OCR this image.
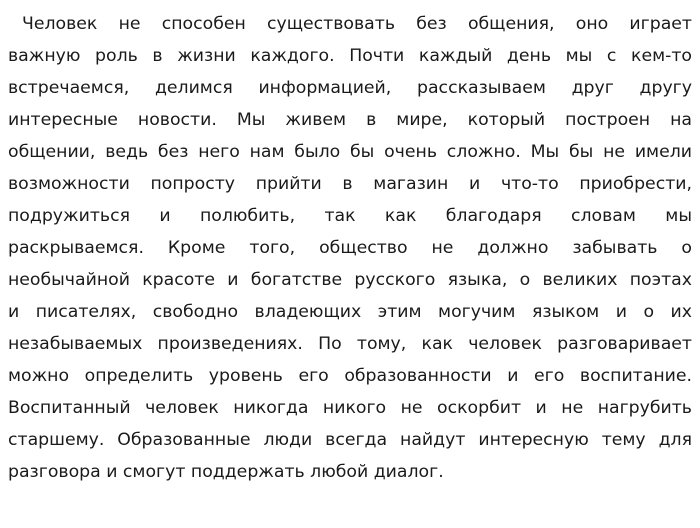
Человек не способен существовать без общения, оно играет
важную роль в жизни каждого. Почти каждый день мы с кем-то
встречаемся, делимся информацией, рассказываем друг другу
интересные новости. Мы живем в мире, который построен на
общении, ведь без него нам было бы очень сложно. Мы бы не имели
возможности попросту прийти в магазин и что-то приобрести,
подружиться и полюбить, так как благодаря словам мы
раскрываемся. Кроме того, общество не должно забывать о
необычайной красоте и богатстве русского языка, о великих поэтах
и писателях, свободно владеющих этим могучим языком и о их
незабываемых произведениях. По тому, как человек разговаривает
можно определить уровень его образованности и его воспитание.
Воспитанный человек никогда никого не оскорбит и не нагрубить
старшему. Образованные люди всегда найдут интересную тему для
разговора и смогут поддержать любой диалог.
